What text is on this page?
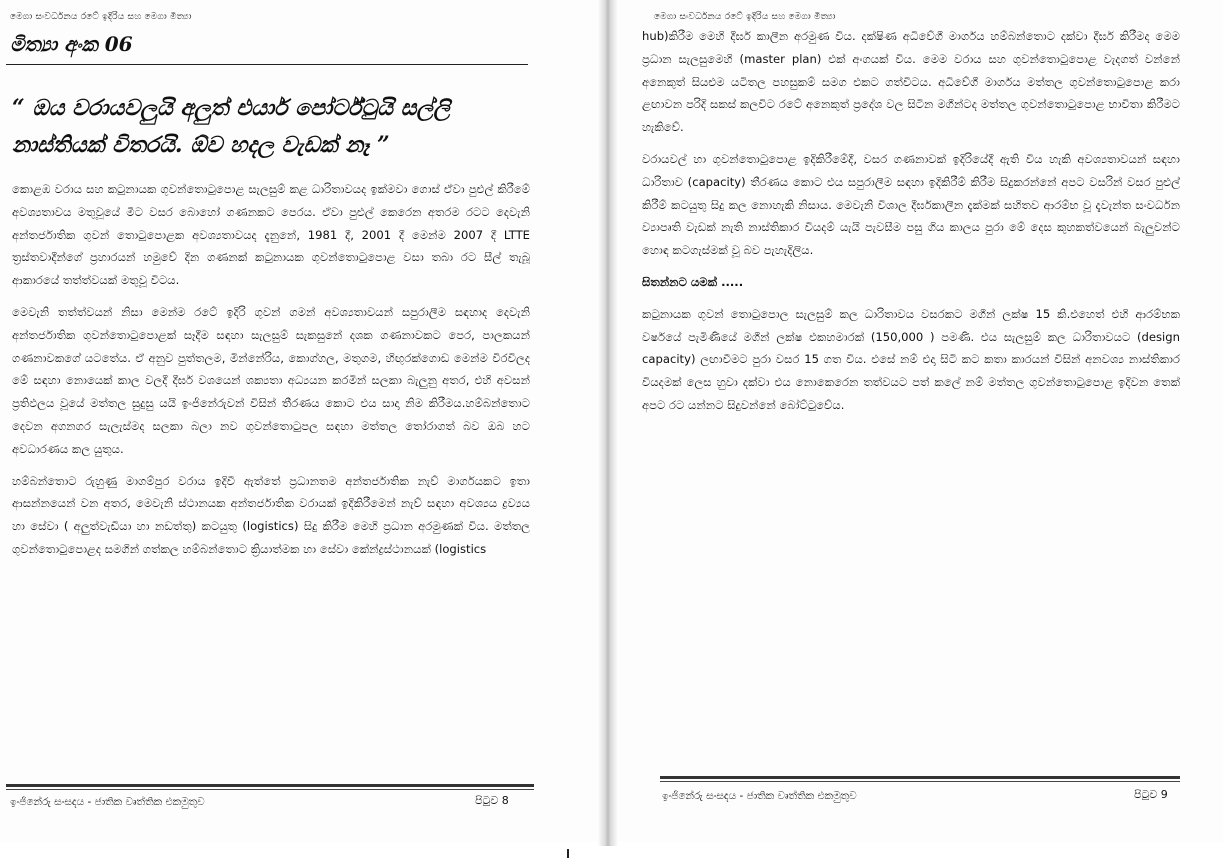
මෙගා සංවර්ධනය රටේ ඉදිරිය සහ මෙගා මිත්‍යා
මිත්‍යා අංක 06
“ ඔය වරායවලුයි අලුත් එයාර් පෝර්ට්ටුයි සල්ලි නාස්තියක් විතරයි. ඕව හදල වැඩක් නෑ ”

කොළඹ වරාය සහ කටුනායක ගුවන්තොටුපොළ සැලසුම් කළ ධාරිතාවයද ඉක්මවා ගොස් ඒවා පුළුල් කිරීමේ අවශ්‍යතාවය මතුවූයේ මීට වසර බොහෝ ගණනකට පෙරය. ඒවා පුළුල් කෙරෙන අතරම රටට දෙවැනි අන්තර්ජාතික ගුවන් තොටුපොළක අවශ්‍යතාවයද දැනුනේ, 1981 දී, 2001 දී මෙන්ම 2007 දී LTTE ත්‍රස්තවාදීන්ගේ ප්‍රහාරයන් හමුවේ දින ගණනක් කටුනායක ගුවන්තොටුපොළ වසා තබා රට සීල් තැබූ ආකාරයේ තත්ත්වයක් මතුවූ විටය.

මෙවැනි තත්ත්වයන් නිසා මෙන්ම රටේ ඉදිරි ගුවන් ගමන් අවශ්‍යතාවයන් සපුරාලීම සඳහාද දෙවැනි අන්තර්ජාතික ගුවන්තොටුපොළක් සෑදීම සඳහා සැලසුම් සැකසුනේ දශක ගණනාවකට පෙර, පාලකයන් ගණනාවකගේ යටතේය. ඒ අනුව පුත්තලම, මින්නේරිය, කොග්ගල, මතුගම, හිඟුරක්ගොඩ මෙන්ම විරවිලද මේ සඳහා නොයෙක් කාල වලදී දීර්ඝ වශයෙන් ශක්‍යතා අධ්‍යයන කරමින් සලකා බැලුනු අතර, එහි අවසන් ප්‍රතිඵලය වූයේ මත්තල සුදුසු යයි ඉංජිනේරුවන් විසින් තීරණය කොට එය සාදා නිම කිරීමය.හම්බන්තොට දෙවන අගනගර සැලැස්මද සලකා බලා නව ගුවන්තොටුපල සඳහා මත්තල තෝරාගත් බව ඔබ හට අවධාරණය කල යුතුය.

හම්බන්තොට රුහුණු මාගම්පුර වරාය ඉදිවී ඇත්තේ ප්‍රධානතම අන්තර්ජාතික නැව් මාර්ගයකට ඉතා ආසන්නයෙන් වන අතර, මෙවැනි ස්ථානයක අන්තර්ජාතික වරායක් ඉදිකිරීමෙන් නැව් සඳහා අවශ්‍යය ද්‍රව්‍යය හා සේවා ( අලුත්වැඩියා හා නඩත්තු) කටයුතු (logistics) සිදු කිරීම මෙහි ප්‍රධාන අරමුණක් විය. මත්තල ගුවන්තොටුපොළද සමගින් ගත්කල හම්බන්තොට ක්‍රියාත්මක හා සේවා කේන්ද්‍රස්ථානයක් (logistics

ඉංජිනේරු සංසදය - ජාතික වෘත්තික එකමුතුව	පිටුව 8
මෙගා සංවර්ධනය රටේ ඉදිරිය සහ මෙගා මිත්‍යා

hub)කිරීම මෙහි දීර්ඝ කාලීන අරමුණ විය. දක්ෂිණ අධිවේගී මාර්ගය හම්බන්තොට දක්වා දීර්ඝ කිරීමද මෙම ප්‍රධාන සැලසුමෙහි (master plan) එක් අංගයක් විය. මෙම වරාය සහ ගුවන්තොටුපොළ වැදගත් වන්නේ අනෙකුත් සියළුම යටිතල පහසුකම් සමග එකට ගත්විටය. අධිවේගී මාර්ගය මත්තල ගුවන්තොටුපොළ කරා ළඟාවන පරිදි සකස් කලවිට රටේ අනෙකුත් ප්‍රදේශ වල සිටින මගීන්ටද මත්තල ගුවන්තොටුපොළ භාවිතා කිරීමට හැකිවේ.

වරායවල් හා ගුවන්තොටුපොළ ඉදිකිරීමේදී, වසර ගණනාවක් ඉදිරියේදී ඇති විය හැකි අවශ්‍යතාවයන් සඳහා ධාරිතාව (capacity) තීරණය කොට එය සපුරාලීම සඳහා ඉදිකිරීම් කිරීම සිදුකරන්නේ අපට වසරින් වසර පුළුල් කිරීම් කටයුතු සිදු කල නොහැකි නිසාය. මෙවැනි විශාල දීර්ඝකාලීන දැක්මක් සහිතව ආරම්භ වූ දැවැන්ත සංවර්ධන ව්‍යාපෘති වැඩක් නැති නාස්තිකාර වියදම් යැයි පැවසීම පසු ගිය කාලය පුරා මේ දෙස කුහකත්වයෙන් බැලුවන්ට හොඳ කටගැස්මක් වූ බව පැහැදිලිය.

සිතන්නට යමක් .....

කටුනායක ගුවන් තොටුපොල සැලසුම් කල ධාරිතාවය වසරකට මගීන් ලක්ෂ 15 කි.එහෙත් එහි ආරම්භක වර්ෂයේ පැමිණියේ මගීන් ලක්ෂ එකහමාරක් (150,000 ) පමණි. එය සැලසුම් කල ධාරිතාවයට (design capacity) ලඟාවීමට පුරා වසර 15 ගත විය. එසේ නම් එදා සිටි කට කතා කාරයන් විසින් අනවශ්‍ය නාස්තිකාර වියදමක් ලෙස හුවා දක්වා එය නොකෙරෙන තත්වයට පත් කලේ නම් මත්තල ගුවන්තොටුපොළ ඉදිවන තෙක් අපට රට යන්නට සිදුවන්නේ බෝට්ටුවේය.

ඉංජිනේරු සංසදය - ජාතික වෘත්තික එකමුතුව	පිටුව 9
